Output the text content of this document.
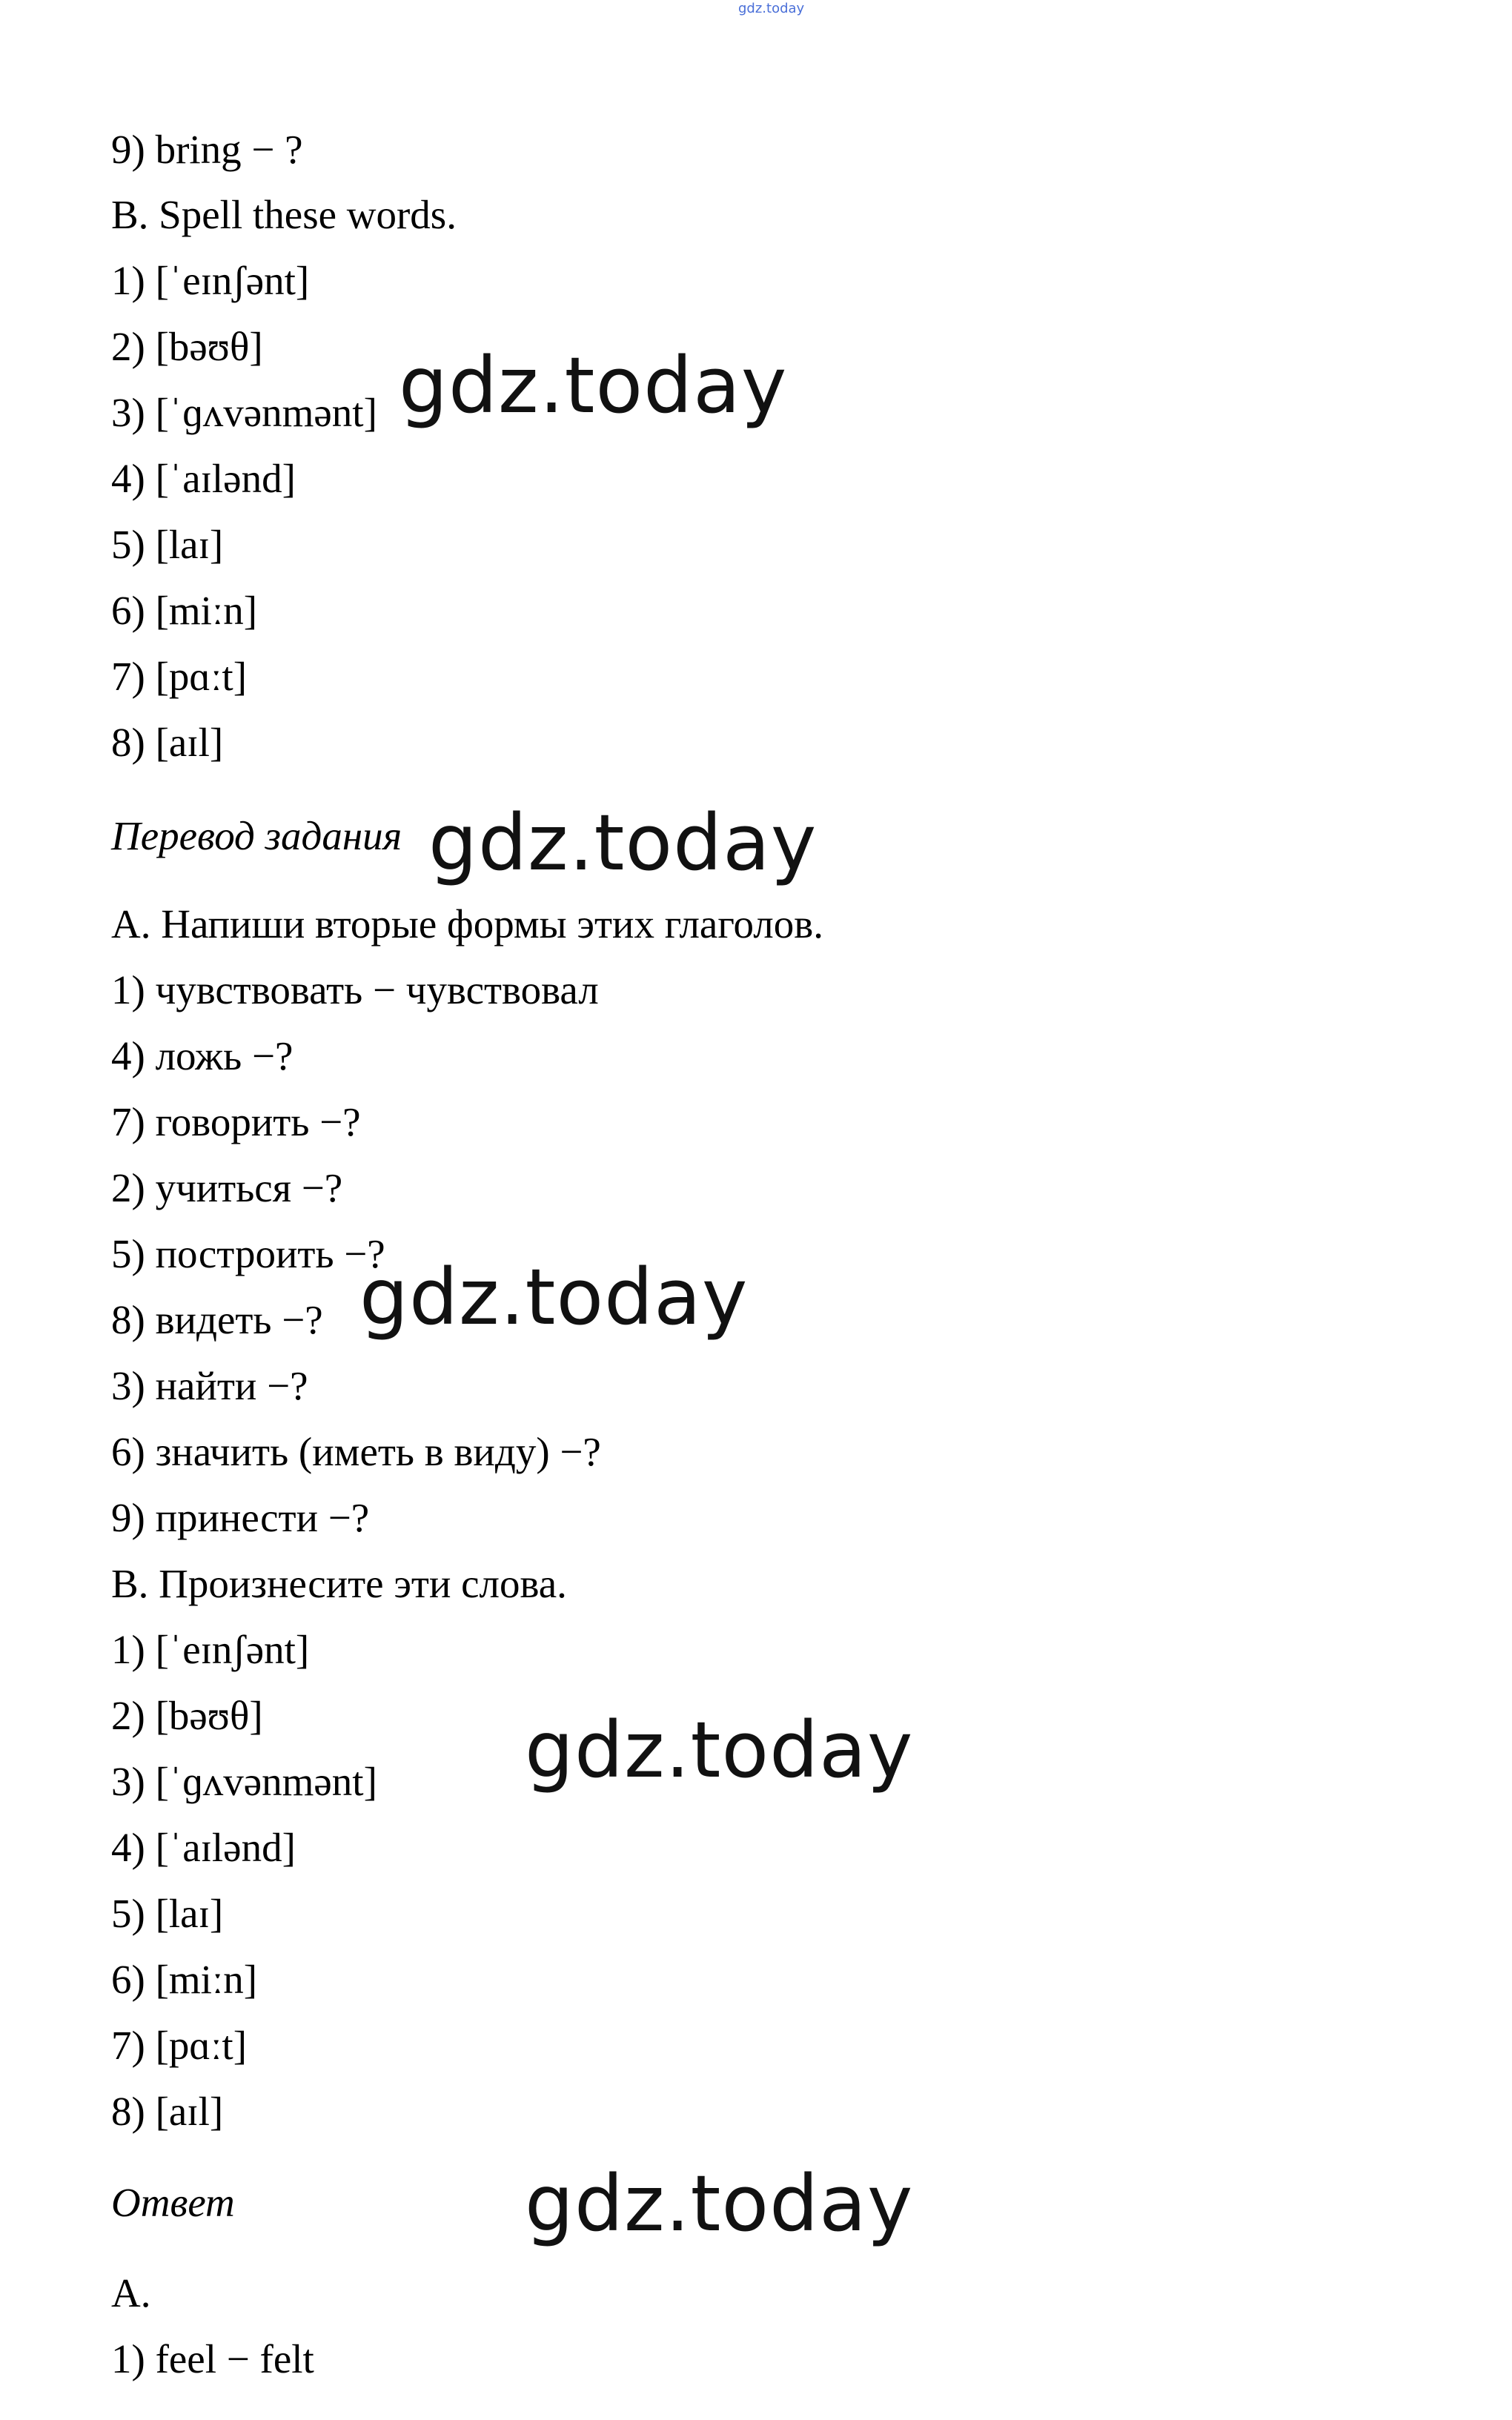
gdz.today
9) bring − ?
B. Spell these words.
1) [ˈeɪnʃənt]
2) [bəʊθ]
3) [ˈɡʌvənmənt]
4) [ˈaɪlənd]
5) [laɪ]
6) [miːn]
7) [pɑːt]
8) [aɪl]
Перевод задания
A. Напиши вторые формы этих глаголов.
1) чувствовать − чувствовал
4) ложь −?
7) говорить −?
2) учиться −?
5) построить −?
8) видеть −?
3) найти −?
6) значить (иметь в виду) −?
9) принести −?
B. Произнесите эти слова.
1) [ˈeɪnʃənt]
2) [bəʊθ]
3) [ˈɡʌvənmənt]
4) [ˈaɪlənd]
5) [laɪ]
6) [miːn]
7) [pɑːt]
8) [aɪl]
Ответ
A.
1) feel − felt
gdz.today
gdz.today
gdz.today
gdz.today
gdz.today
